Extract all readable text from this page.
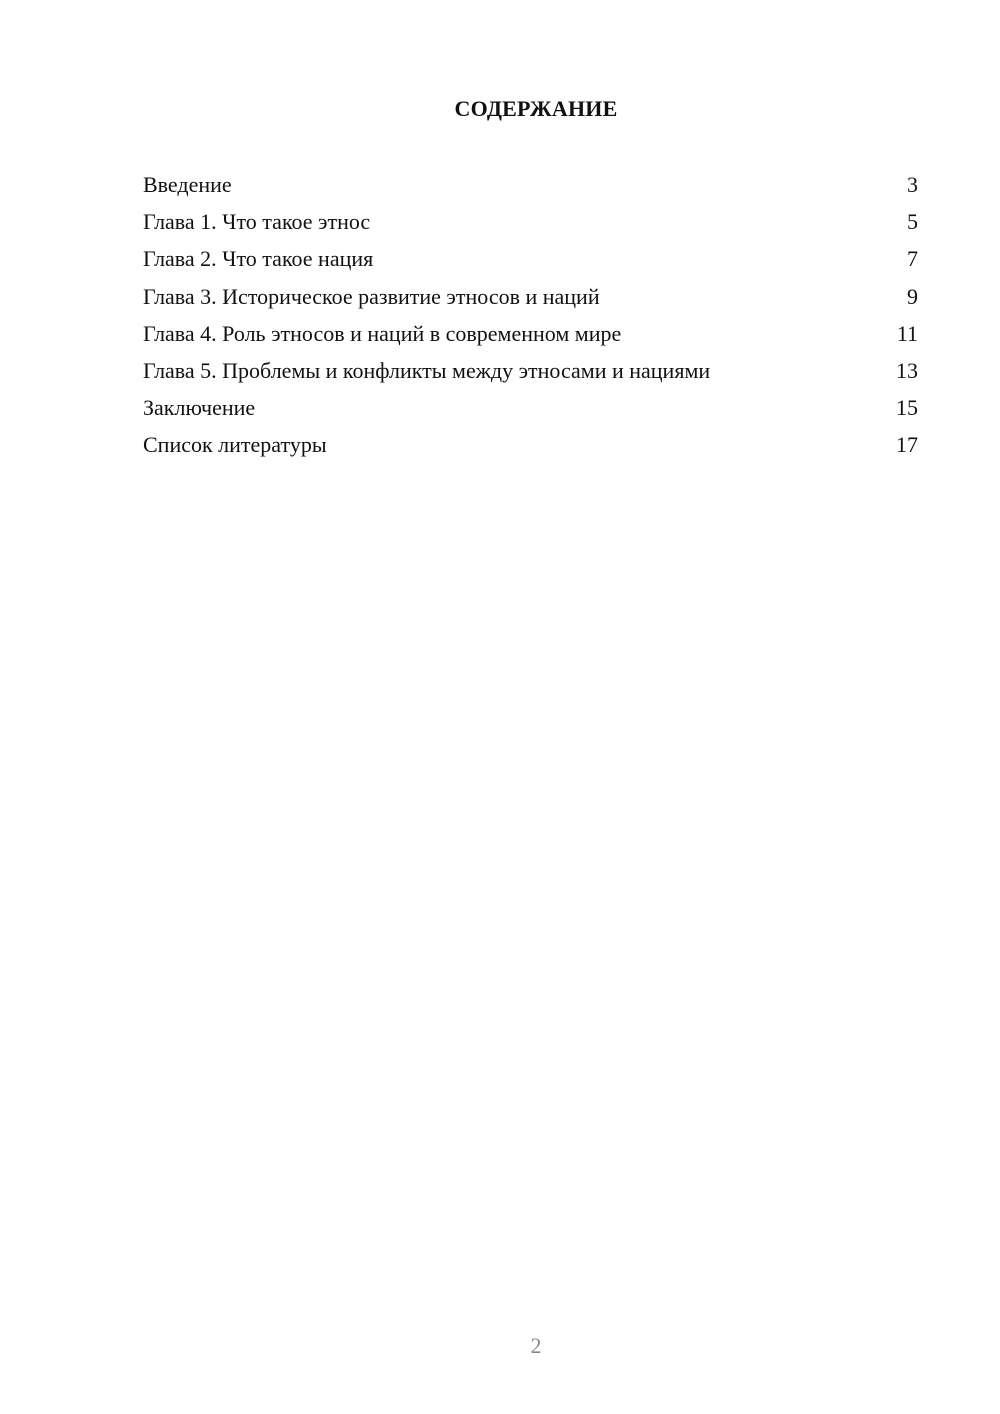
СОДЕРЖАНИЕ
Введение	3
Глава 1. Что такое этнос	5
Глава 2. Что такое нация	7
Глава 3. Историческое развитие этносов и наций	9
Глава 4. Роль этносов и наций в современном мире	11
Глава 5. Проблемы и конфликты между этносами и нациями	13
Заключение	15
Список литературы	17
2
